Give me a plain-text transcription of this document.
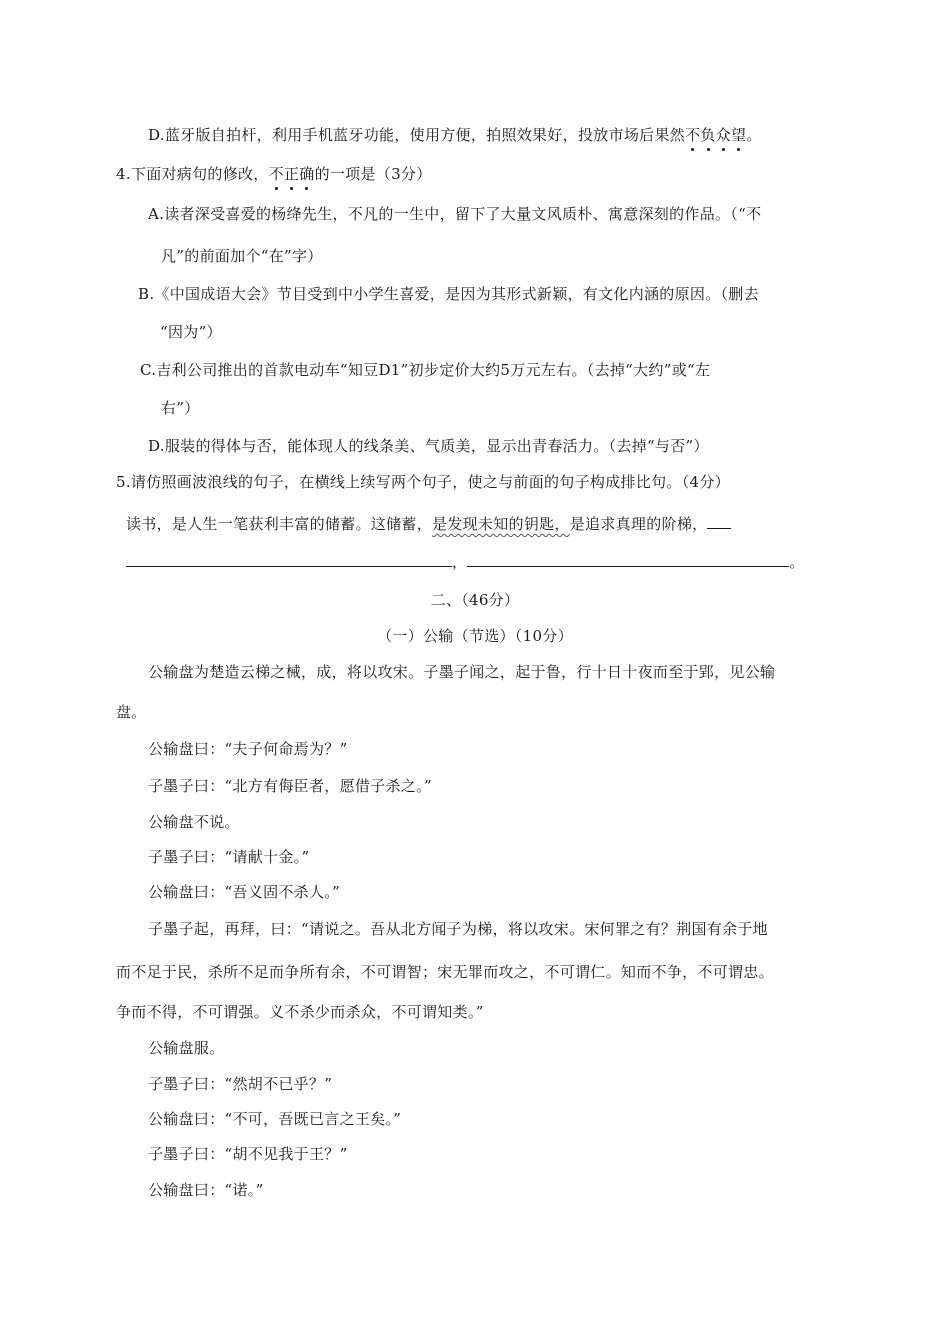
D.蓝牙版自拍杆，利用手机蓝牙功能，使用方便，拍照效果好，投放市场后果然不负众望。
4.下面对病句的修改，不正确的一项是（3分）
A.读者深受喜爱的杨绛先生，不凡的一生中，留下了大量文风质朴、寓意深刻的作品。（“不
凡”的前面加个“在”字）
B.《中国成语大会》节目受到中小学生喜爱，是因为其形式新颖，有文化内涵的原因。（删去
“因为”）
C.吉利公司推出的首款电动车“知豆D1”初步定价大约5万元左右。（去掉“大约”或“左
右”）
D.服装的得体与否，能体现人的线条美、气质美，显示出青春活力。（去掉“与否”）
5.请仿照画波浪线的句子，在横线上续写两个句子，使之与前面的句子构成排比句。（4分）
读书，是人生一笔获利丰富的储蓄。这储蓄，是发现未知的钥匙，是追求真理的阶梯，
，	。
二、（46分）
（一）公输（节选）（10分）
公输盘为楚造云梯之械，成，将以攻宋。子墨子闻之，起于鲁，行十日十夜而至于郢，见公输
盘。
公输盘曰：“夫子何命焉为？”
子墨子曰：“北方有侮臣者，愿借子杀之。”
公输盘不说。
子墨子曰：“请献十金。”
公输盘曰：“吾义固不杀人。”
子墨子起，再拜，曰：“请说之。吾从北方闻子为梯，将以攻宋。宋何罪之有？荆国有余于地
而不足于民，杀所不足而争所有余，不可谓智；宋无罪而攻之，不可谓仁。知而不争，不可谓忠。
争而不得，不可谓强。义不杀少而杀众，不可谓知类。”
公输盘服。
子墨子曰：“然胡不已乎？”
公输盘曰：“不可，吾既已言之王矣。”
子墨子曰：“胡不见我于王？”
公输盘曰：“诺。”
